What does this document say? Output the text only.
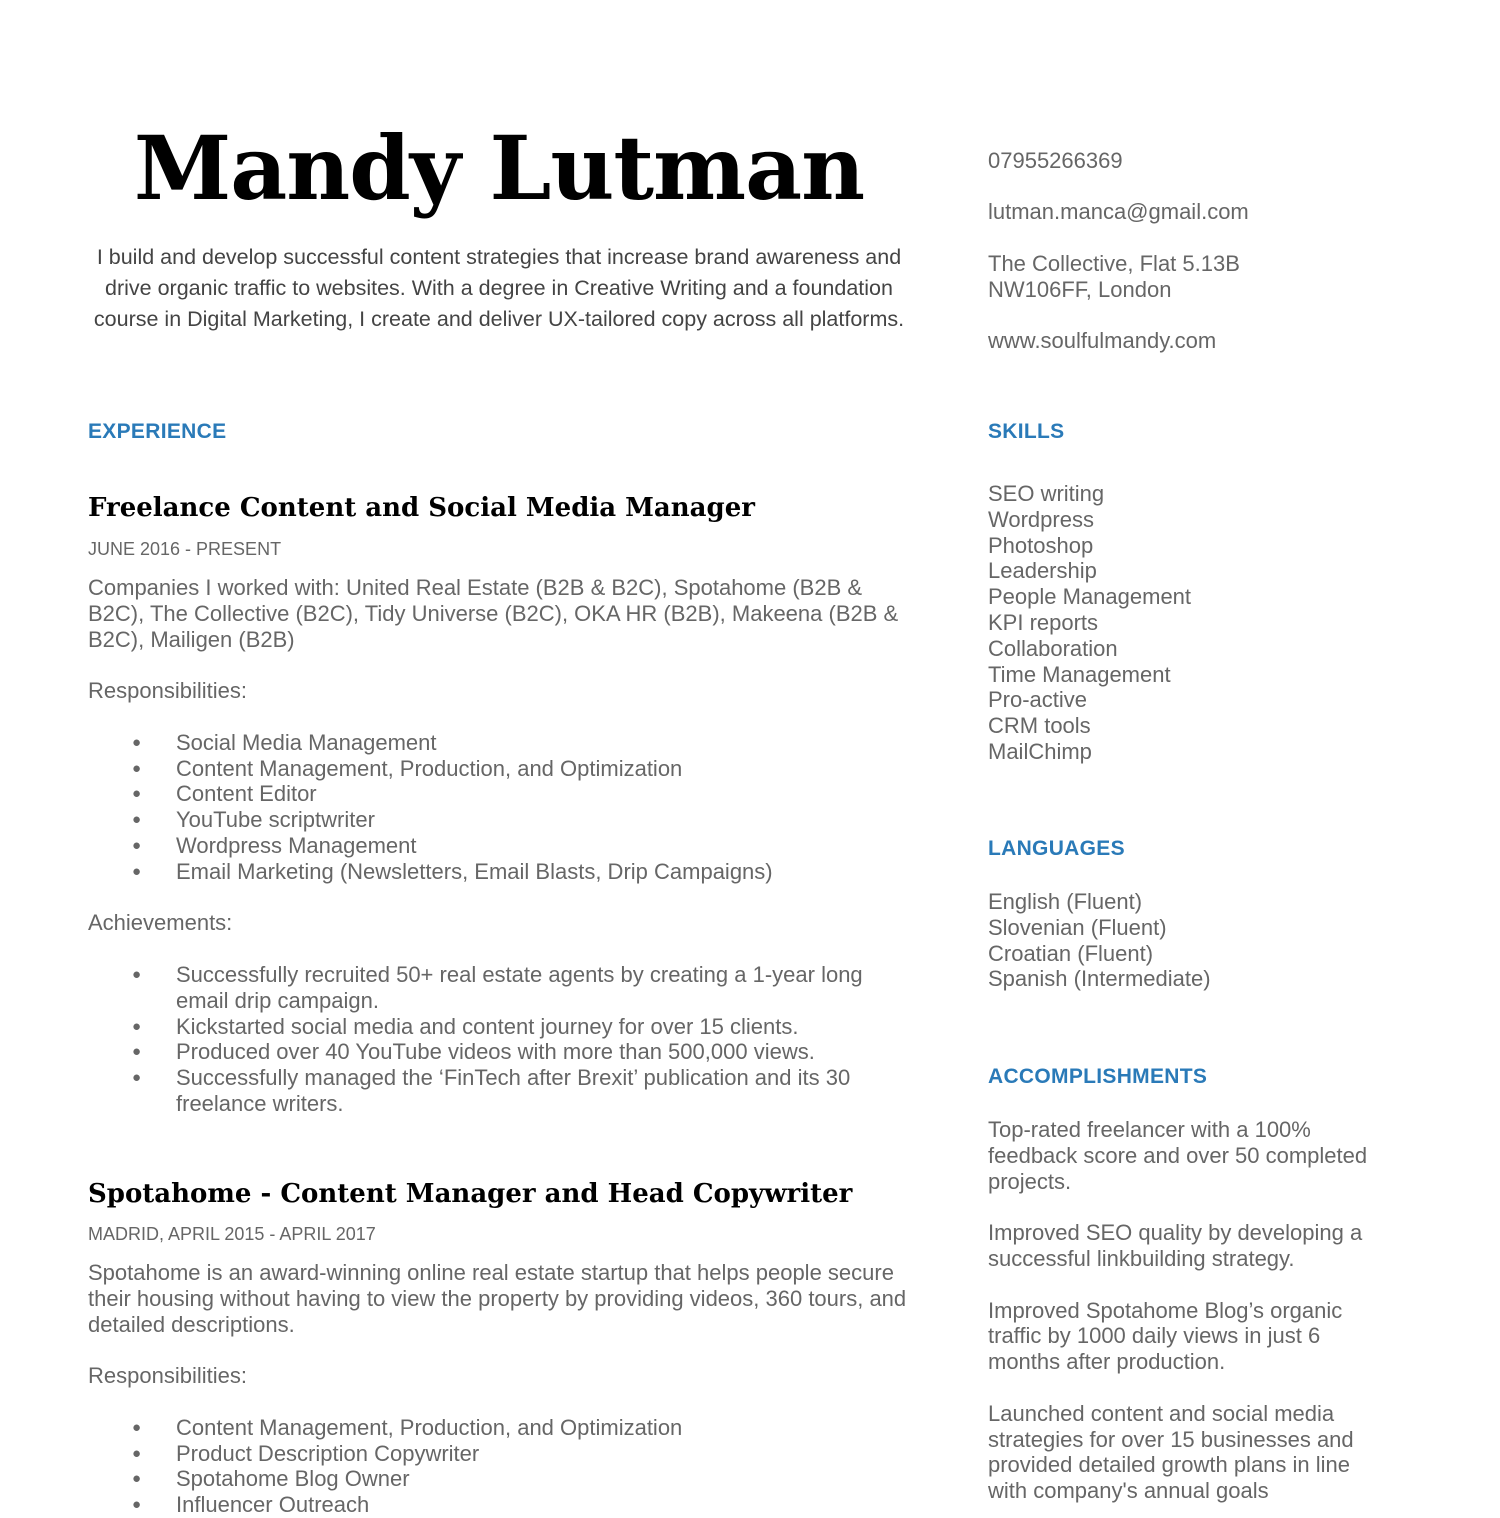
Mandy Lutman
I build and develop successful content strategies that increase brand awareness and drive organic traffic to websites. With a degree in Creative Writing and a foundation course in Digital Marketing, I create and deliver UX-tailored copy across all platforms.
07955266369
lutman.manca@gmail.com
The Collective, Flat 5.13B
NW106FF, London
www.soulfulmandy.com
EXPERIENCE
Freelance Content and Social Media Manager
JUNE 2016 - PRESENT

Companies I worked with: United Real Estate (B2B & B2C), Spotahome (B2B & B2C), The Collective (B2C), Tidy Universe (B2C), OKA HR (B2B), Makeena (B2B & B2C), Mailigen (B2B)

Responsibilities:

● Social Media Management
● Content Management, Production, and Optimization
● Content Editor
● YouTube scriptwriter
● Wordpress Management
● Email Marketing (Newsletters, Email Blasts, Drip Campaigns)

Achievements:

● Successfully recruited 50+ real estate agents by creating a 1-year long email drip campaign.
● Kickstarted social media and content journey for over 15 clients.
● Produced over 40 YouTube videos with more than 500,000 views.
● Successfully managed the ‘FinTech after Brexit’ publication and its 30 freelance writers.
Spotahome - Content Manager and Head Copywriter
MADRID, APRIL 2015 - APRIL 2017

Spotahome is an award-winning online real estate startup that helps people secure their housing without having to view the property by providing videos, 360 tours, and detailed descriptions.

Responsibilities:

● Content Management, Production, and Optimization
● Product Description Copywriter
● Spotahome Blog Owner
● Influencer Outreach
SKILLS

SEO writing

Wordpress

Photoshop

Leadership

People Management

KPI reports

Collaboration

Time Management

Pro-active

CRM tools

MailChimp

LANGUAGES

English (Fluent)

Slovenian (Fluent)

Croatian (Fluent)

Spanish (Intermediate)

ACCOMPLISHMENTS

Top-rated freelancer with a 100% feedback score and over 50 completed projects.

Improved SEO quality by developing a successful linkbuilding strategy.

Improved Spotahome Blog’s organic traffic by 1000 daily views in just 6 months after production.

Launched content and social media strategies for over 15 businesses and provided detailed growth plans in line with company's annual goals
